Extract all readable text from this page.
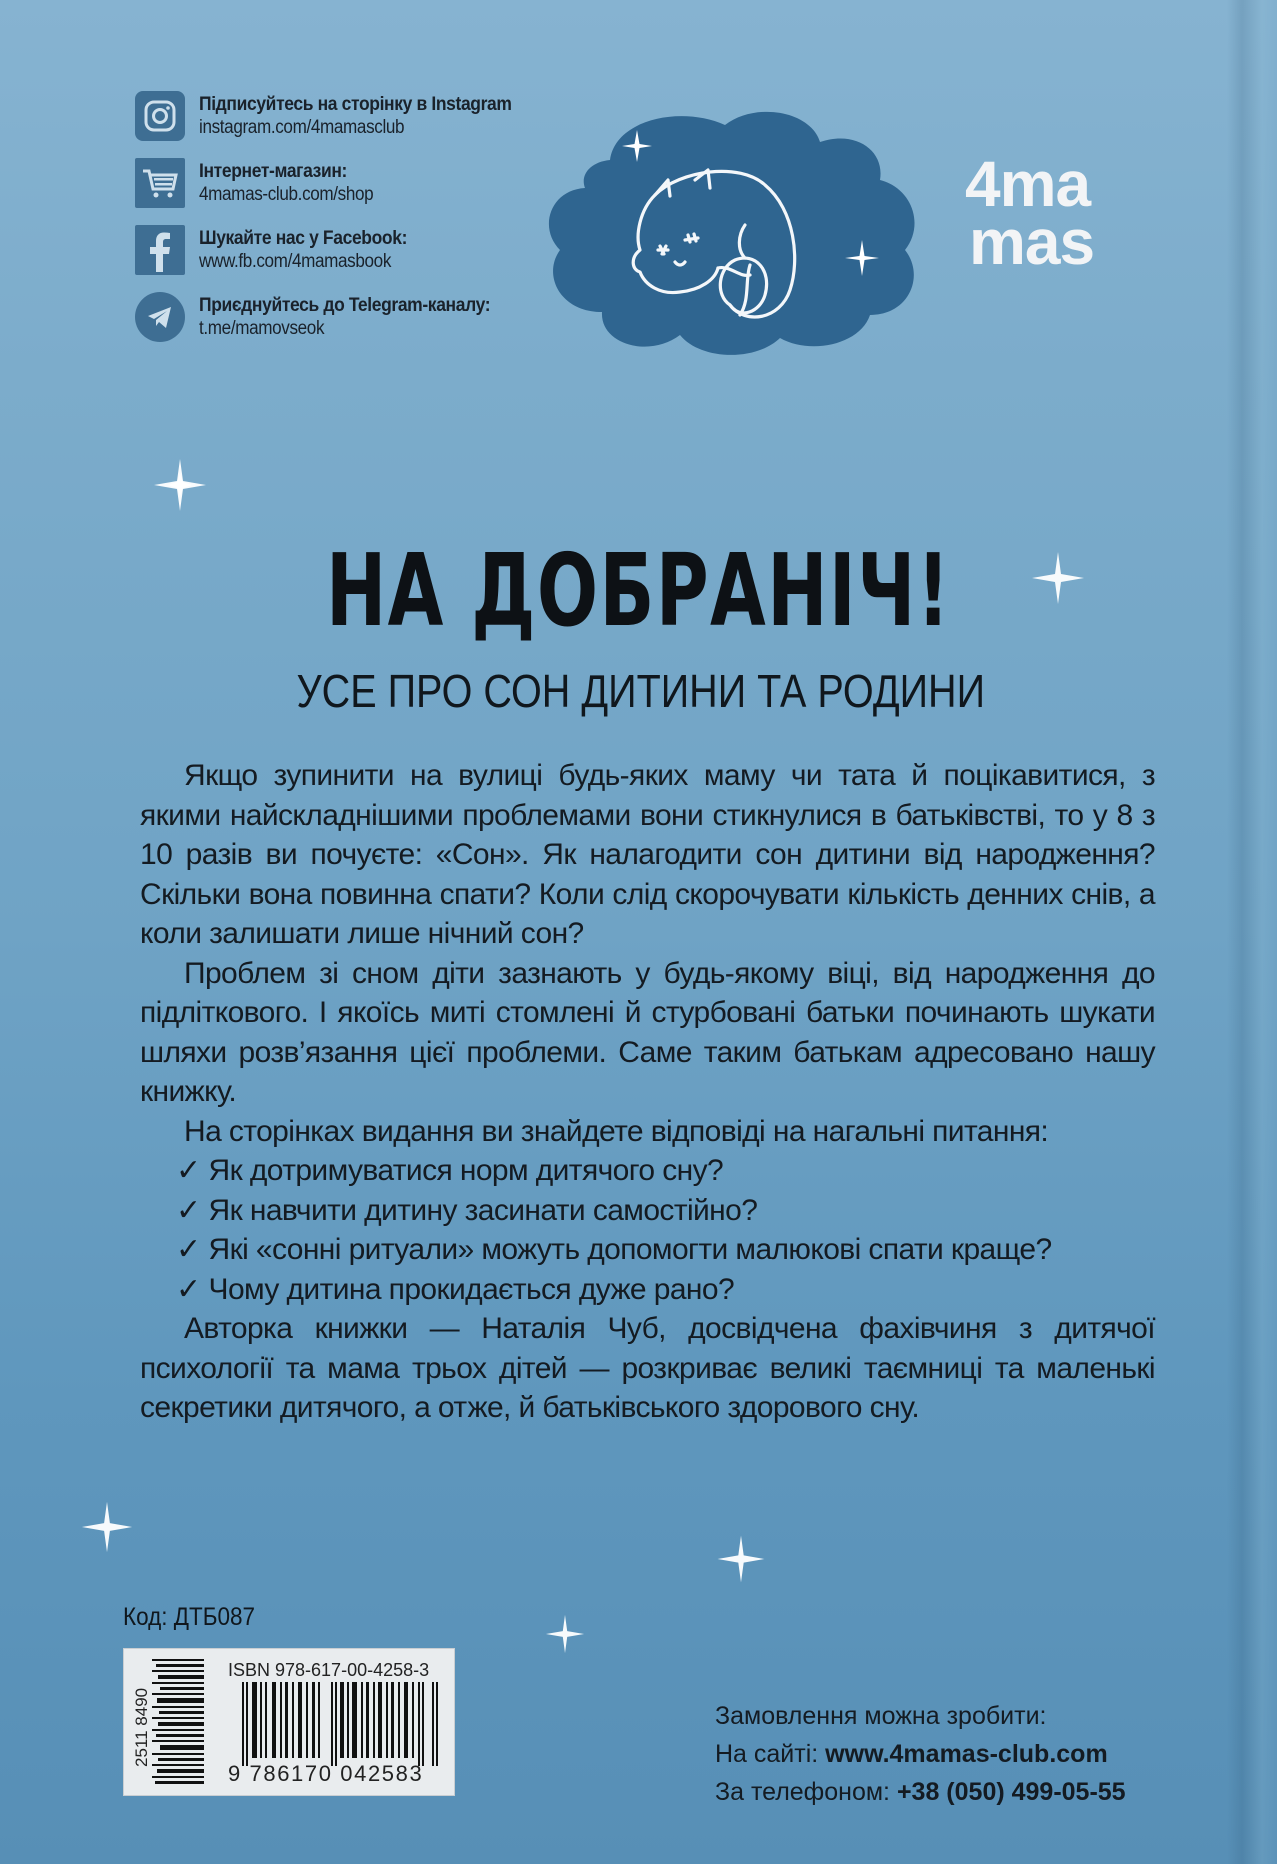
Підписуйтесь на сторінку в Instagram
instagram.com/4mamasclub
Інтернет-магазин:
4mamas-club.com/shop
Шукайте нас у Facebook:
www.fb.com/4mamasbook
Приєднуйтесь до Telegram-каналу:
t.me/mamovseok
4ma
mas
НА ДОБРАНІЧ!
УСЕ ПРО СОН ДИТИНИ ТА РОДИНИ

Якщо зупинити на вулиці будь-яких маму чи тата й поцікавитися, з якими найскладнішими проблемами вони стикнулися в батьківстві, то у 8 з 10 разів ви почуєте: «Сон». Як налагодити сон дитини від народження? Скільки вона повинна спати? Коли слід скорочувати кількість денних снів, а коли залишати лише нічний сон?

Проблем зі сном діти зазнають у будь-якому віці, від народження до підліткового. І якоїсь миті стомлені й стурбовані батьки починають шукати шляхи розв’язання цієї проблеми. Саме таким батькам адресовано нашу книжку.

На сторінках видання ви знайдете відповіді на нагальні питання:

✓ Як дотримуватися норм дитячого сну?
✓ Як навчити дитину засинати самостійно?
✓ Які «сонні ритуали» можуть допомогти малюкові спати краще?
✓ Чому дитина прокидається дуже рано?

Авторка книжки — Наталія Чуб, досвідчена фахівчиня з дитячої психології та мама трьох дітей — розкриває великі таємниці та маленькі секретики дитячого, а отже, й батьківського здорового сну.

Код: ДТБ087
2511 8490
ISBN 978-617-00-4258-3
9 786170 042583
Замовлення можна зробити:
На сайті: www.4mamas-club.com
За телефоном: +38 (050) 499-05-55
